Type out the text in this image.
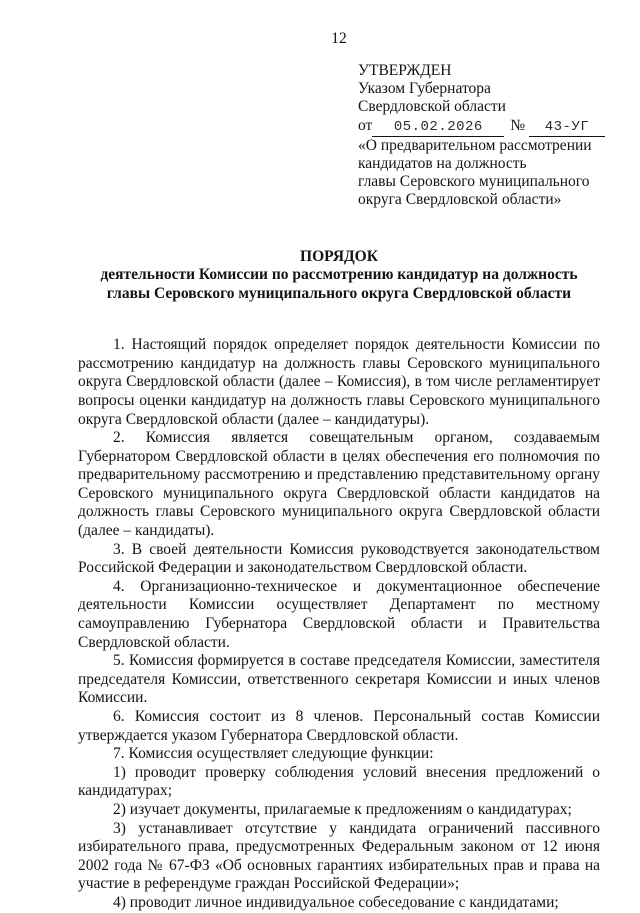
12
УТВЕРЖДЕН
Указом Губернатора
Свердловской области
от 05.02.2026 № 43-УГ
«О предварительном рассмотрении
кандидатов на должность
главы Серовского муниципального
округа Свердловской области»
ПОРЯДОК
деятельности Комиссии по рассмотрению кандидатур на должность
главы Серовского муниципального округа Свердловской области

1. Настоящий порядок определяет порядок деятельности Комиссии по рассмотрению кандидатур на должность главы Серовского муниципального округа Свердловской области (далее – Комиссия), в том числе регламентирует вопросы оценки кандидатур на должность главы Серовского муниципального округа Свердловской области (далее – кандидатуры).

2. Комиссия является совещательным органом, создаваемым Губернатором Свердловской области в целях обеспечения его полномочия по предварительному рассмотрению и представлению представительному органу Серовского муниципального округа Свердловской области кандидатов на должность главы Серовского муниципального округа Свердловской области (далее – кандидаты).

3. В своей деятельности Комиссия руководствуется законодательством Российской Федерации и законодательством Свердловской области.

4. Организационно-техническое и документационное обеспечение деятельности Комиссии осуществляет Департамент по местному самоуправлению Губернатора Свердловской области и Правительства Свердловской области.

5. Комиссия формируется в составе председателя Комиссии, заместителя председателя Комиссии, ответственного секретаря Комиссии и иных членов Комиссии.

6. Комиссия состоит из 8 членов. Персональный состав Комиссии утверждается указом Губернатора Свердловской области.

7. Комиссия осуществляет следующие функции:

1) проводит проверку соблюдения условий внесения предложений о кандидатурах;

2) изучает документы, прилагаемые к предложениям о кандидатурах;

3) устанавливает отсутствие у кандидата ограничений пассивного избирательного права, предусмотренных Федеральным законом от 12 июня 2002 года № 67-ФЗ «Об основных гарантиях избирательных прав и права на участие в референдуме граждан Российской Федерации»;

4) проводит личное индивидуальное собеседование с кандидатами;
